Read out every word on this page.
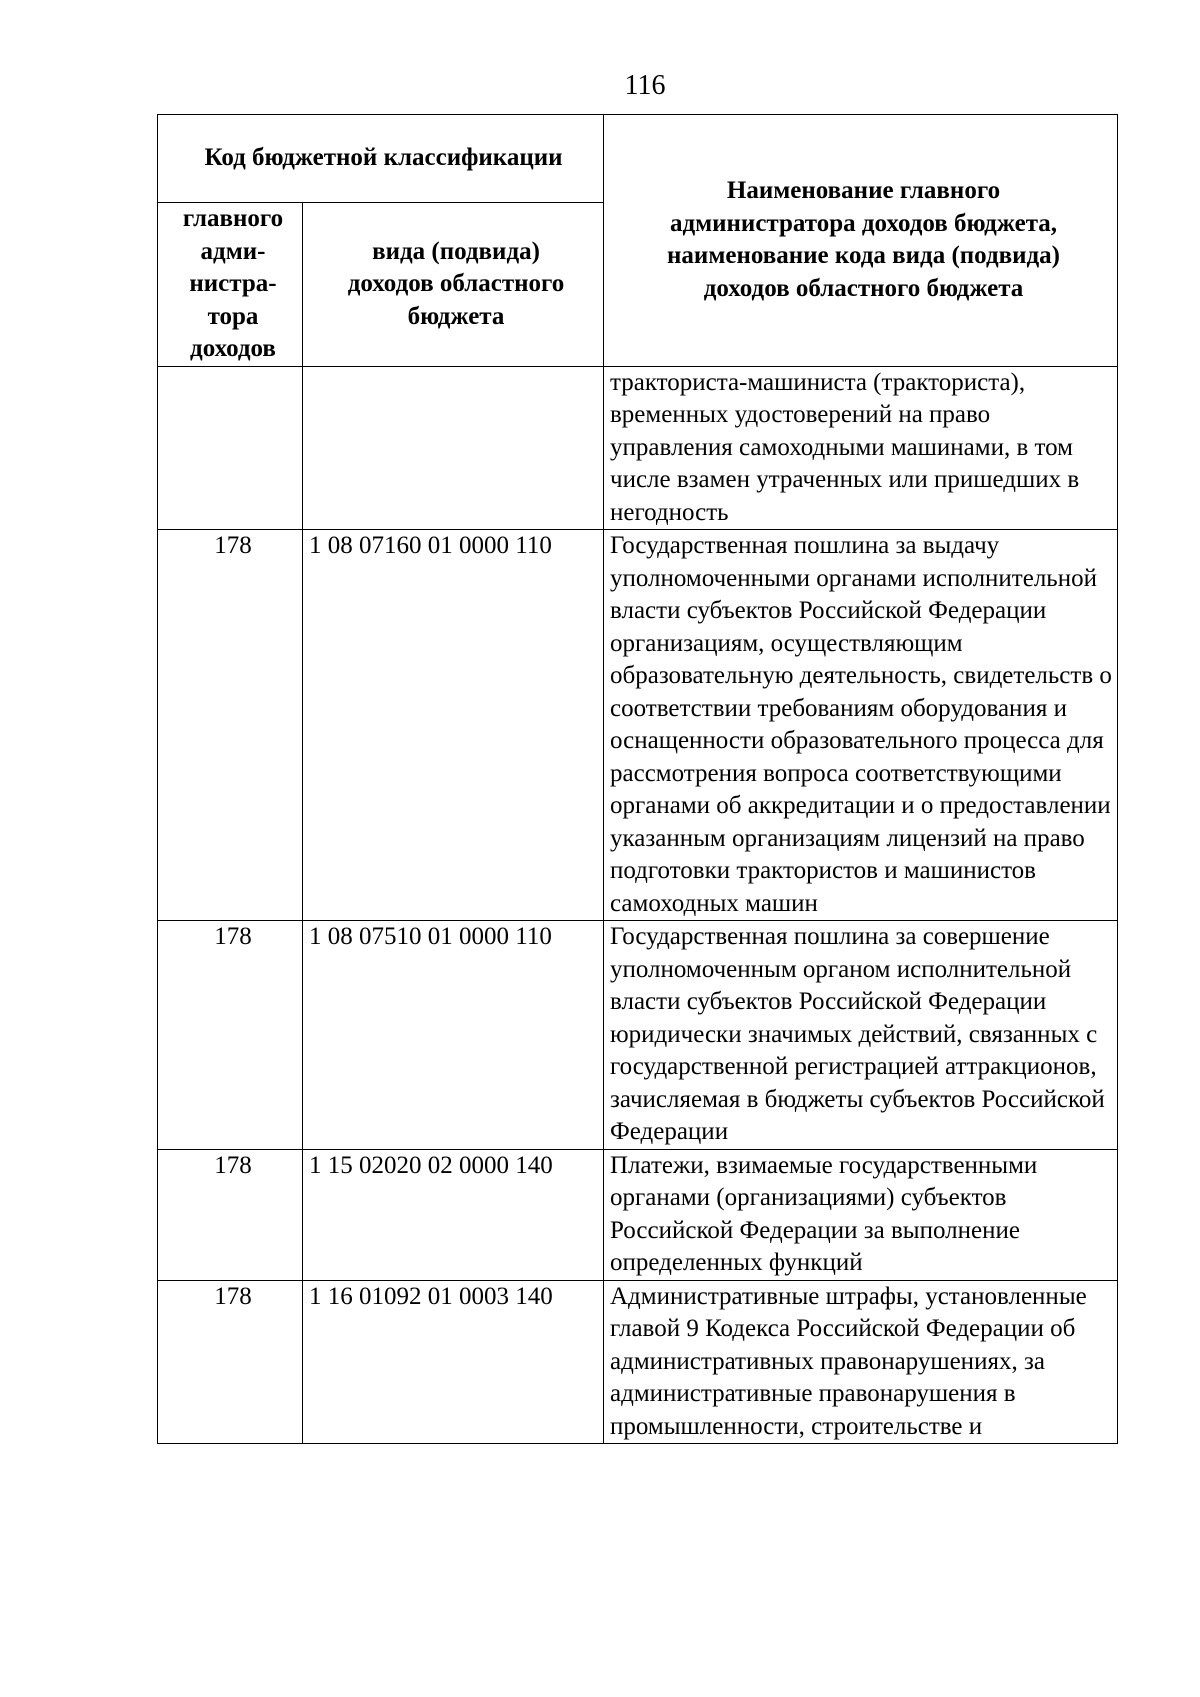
116
Код бюджетной классификации		Наименование главного
администратора доходов бюджета,
наименование кода вида (подвида)
доходов областного бюджета

главного
адми-
нистра-
тора
доходов	вида (подвида)
доходов областного
бюджета	

		тракториста-машиниста (тракториста), временных удостоверений на право управления самоходными машинами, в том числе взамен утраченных или пришедших в негодность
178	1 08 07160 01 0000 110	Государственная пошлина за выдачу уполномоченными органами исполнительной власти субъектов Российской Федерации организациям, осуществляющим образовательную деятельность, свидетельств о соответствии требованиям оборудования и оснащенности образовательного процесса для рассмотрения вопроса соответствующими органами об аккредитации и о предоставлении указанным организациям лицензий на право подготовки трактористов и машинистов самоходных машин
178	1 08 07510 01 0000 110	Государственная пошлина за совершение уполномоченным органом исполнительной власти субъектов Российской Федерации юридически значимых действий, связанных с государственной регистрацией аттракционов, зачисляемая в бюджеты субъектов Российской Федерации
178	1 15 02020 02 0000 140	Платежи, взимаемые государственными органами (организациями) субъектов Российской Федерации за выполнение определенных функций
178	1 16 01092 01 0003 140	Административные штрафы, установленные главой 9 Кодекса Российской Федерации об административных правонарушениях, за административные правонарушения в промышленности, строительстве и
